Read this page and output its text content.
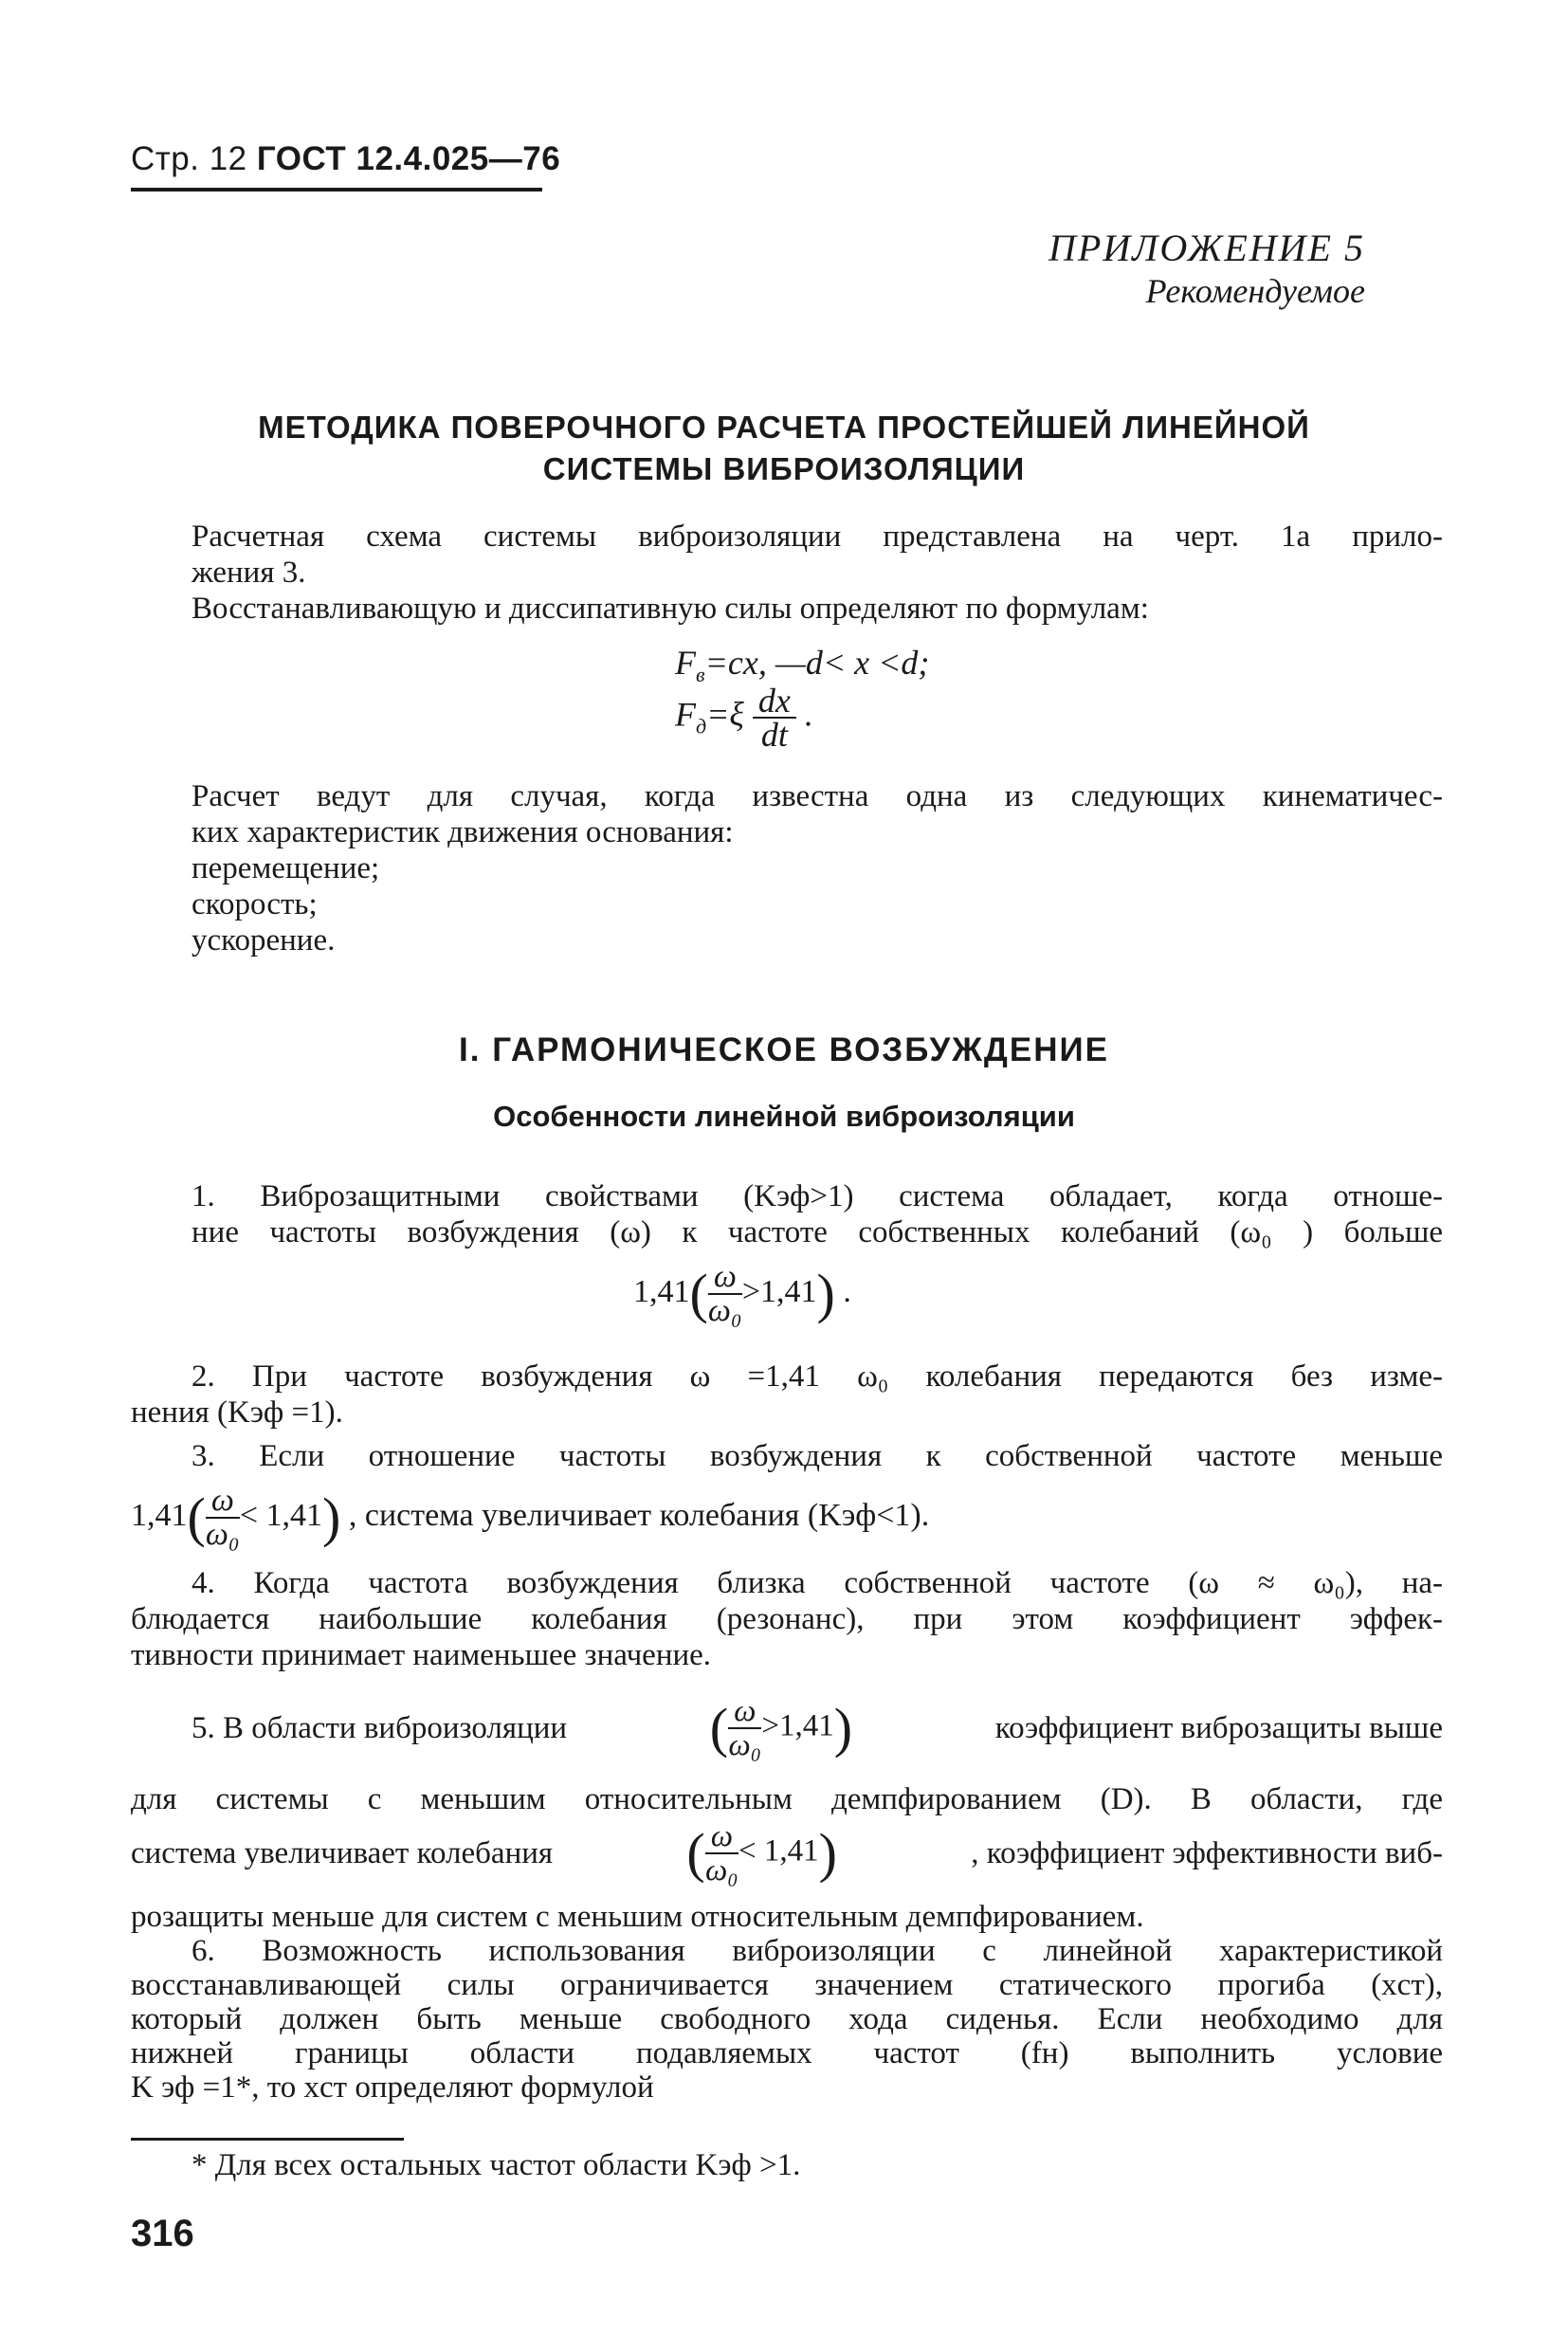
Стр. 12 ГОСТ 12.4.025—76
ПРИЛОЖЕНИЕ 5
Рекомендуемое
МЕТОДИКА ПОВЕРОЧНОГО РАСЧЕТА ПРОСТЕЙШЕЙ ЛИНЕЙНОЙ
СИСТЕМЫ ВИБРОИЗОЛЯЦИИ
Расчетная схема системы виброизоляции представлена на черт. 1а прило-
жения 3.
Восстанавливающую и диссипативную силы определяют по формулам:
$F_в=cx$, —d< x <d;
$F_д=\xi \frac{dx}{dt}$ .
Расчет ведут для случая, когда известна одна из следующих кинематичес-
ких характеристик движения основания:
перемещение;
скорость;
ускорение.
I. ГАРМОНИЧЕСКОЕ ВОЗБУЖДЕНИЕ
Особенности линейной виброизоляции
1. Виброзащитными свойствами (Kэф>1) система обладает, когда отноше-
ние частоты возбуждения (ω) к частоте собственных колебаний (ω₀ ) больше
$1,41( \frac{\omega}{\text{ω₀}} >1,41)$ .
2. При частоте возбуждения ω =1,41 ω₀ колебания передаются без изме-
нения (Kэф =1).
3. Если отношение частоты возбуждения к собственной частоте меньше
$1,41( \frac{\omega}{\text{ω₀}} < 1,41)$ , система увеличивает колебания (Kэф<1).
4. Когда частота возбуждения близка собственной частоте (ω ≈ ω₀), на-
блюдается наибольшие колебания (резонанс), при этом коэффициент эффек-
тивности принимает наименьшее значение.
5. В области виброизоляции	( $\frac{\omega}{\text{ω₀}} >1,41$)	коэффициент виброзащиты выше
для системы с меньшим относительным демпфированием (D). В области, где
система увеличивает колебания ( $\frac{\omega}{\text{ω₀}} < 1,41$)	, коэффициент эффективности виб-
розащиты меньше для систем с меньшим относительным демпфированием.
6. Возможность использования виброизоляции с линейной характеристикой
восстанавливающей силы ограничивается значением статического прогиба (xст),
который должен быть меньше свободного хода сиденья. Если необходимо для
нижней границы области подавляемых частот (fн) выполнить условие
K эф =1*, то xст определяют формулой
* Для всех остальных частот области Kэф >1.
316
